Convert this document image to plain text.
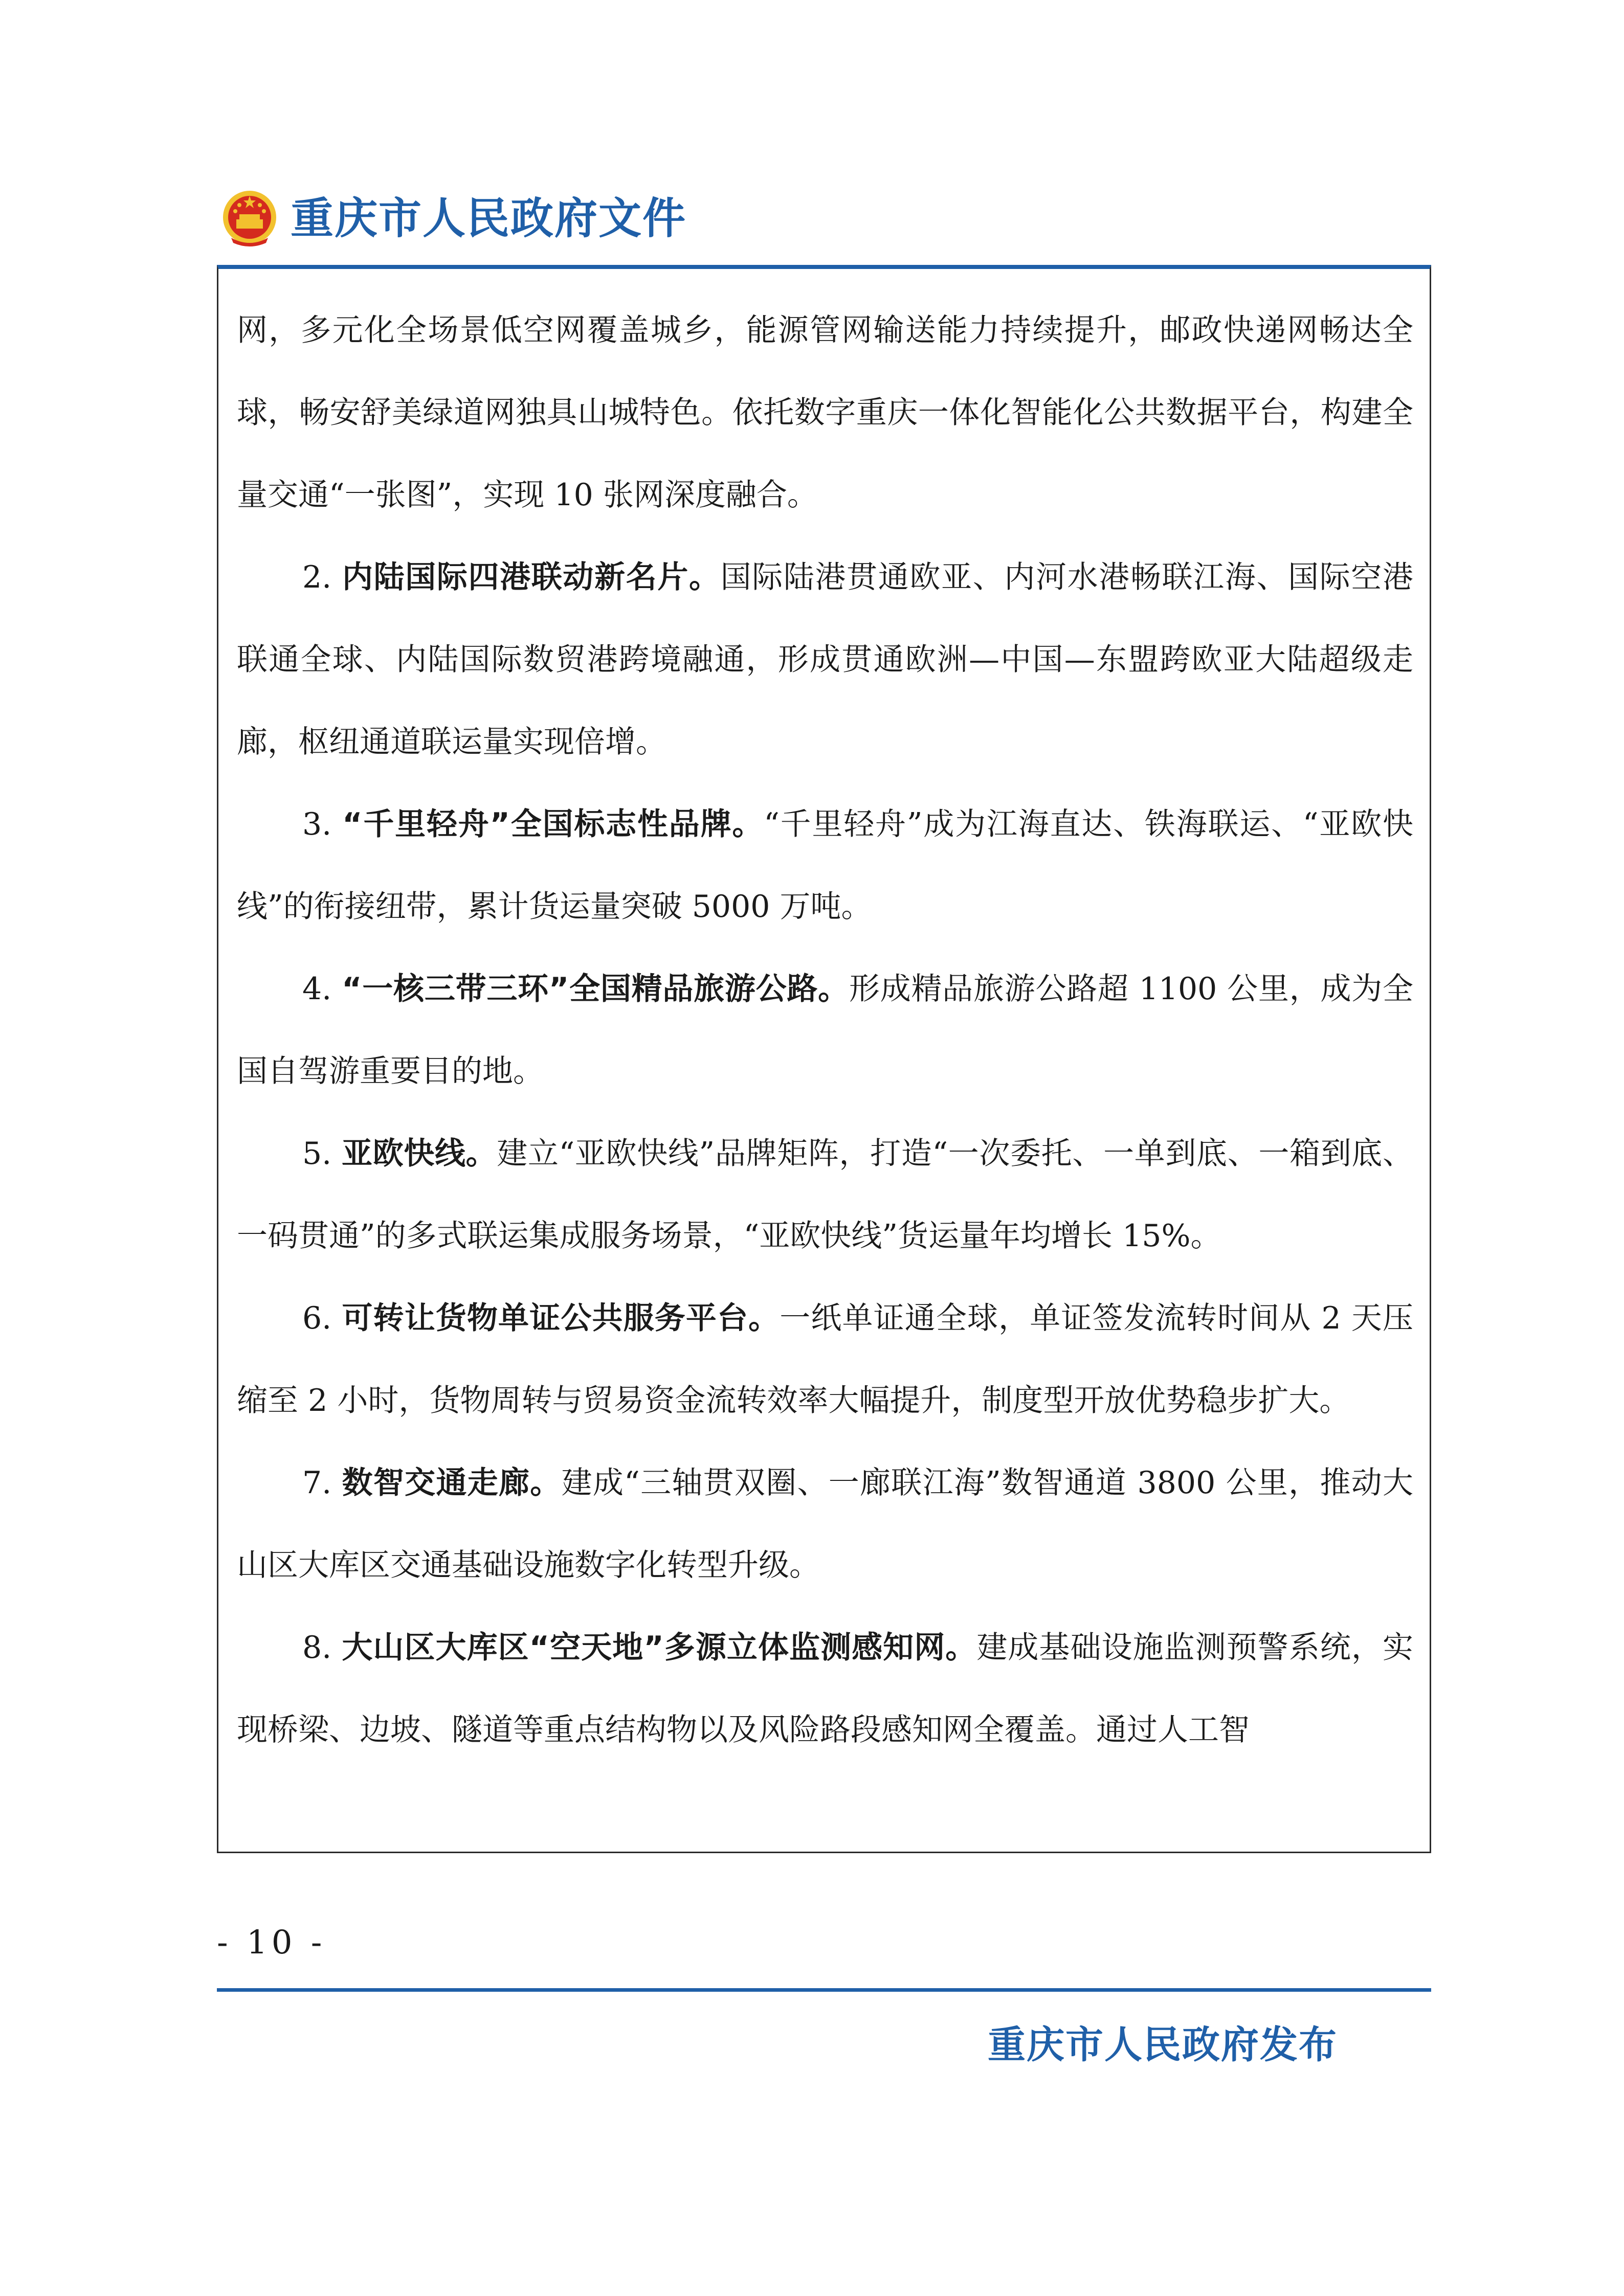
重庆市人民政府文件

网，多元化全场景低空网覆盖城乡，能源管网输送能力持续提升，邮政快递网畅达全球，畅安舒美绿道网独具山城特色。依托数字重庆一体化智能化公共数据平台，构建全量交通“一张图”，实现 10 张网深度融合。

2. 内陆国际四港联动新名片。国际陆港贯通欧亚、内河水港畅联江海、国际空港联通全球、内陆国际数贸港跨境融通，形成贯通欧洲—中国—东盟跨欧亚大陆超级走廊，枢纽通道联运量实现倍增。

3. “千里轻舟”全国标志性品牌。“千里轻舟”成为江海直达、铁海联运、“亚欧快线”的衔接纽带，累计货运量突破 5000 万吨。

4. “一核三带三环”全国精品旅游公路。形成精品旅游公路超 1100 公里，成为全国自驾游重要目的地。

5. 亚欧快线。建立“亚欧快线”品牌矩阵，打造“一次委托、一单到底、一箱到底、一码贯通”的多式联运集成服务场景，“亚欧快线”货运量年均增长 15%。

6. 可转让货物单证公共服务平台。一纸单证通全球，单证签发流转时间从 2 天压缩至 2 小时，货物周转与贸易资金流转效率大幅提升，制度型开放优势稳步扩大。

7. 数智交通走廊。建成“三轴贯双圈、一廊联江海”数智通道 3800 公里，推动大山区大库区交通基础设施数字化转型升级。

8. 大山区大库区“空天地”多源立体监测感知网。建成基础设施监测预警系统，实现桥梁、边坡、隧道等重点结构物以及风险路段感知网全覆盖。通过人工智

- 10 -
重庆市人民政府发布
